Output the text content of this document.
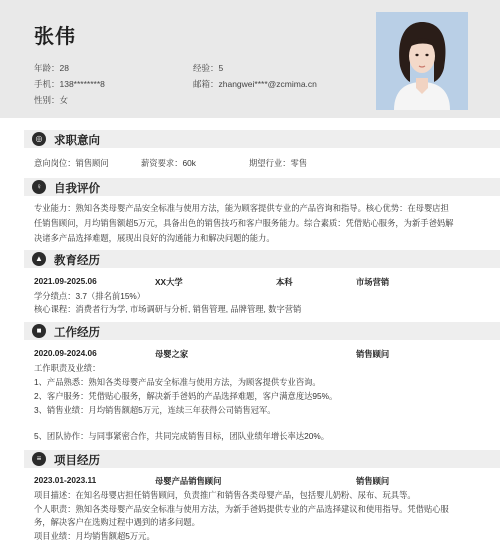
张伟
年龄：28	经验：5
手机：138********8	邮箱：zhangwei****@zcmima.cn
性别：女
◎	求职意向
意向岗位：销售顾问	薪资要求：60k	期望行业：零售
♀	自我评价
专业能力：熟知各类母婴产品安全标准与使用方法，能为顾客提供专业的产品咨询和指导。核心优势：在母婴店担
任销售顾问，月均销售额超5万元，具备出色的销售技巧和客户服务能力。综合素质：凭借贴心服务，为新手爸妈解
决诸多产品选择难题，展现出良好的沟通能力和解决问题的能力。
▲ 教育经历
2021.09-2025.06	XX大学	本科	市场营销
学分绩点：3.7（排名前15%）
核心课程：消费者行为学, 市场调研与分析, 销售管理, 品牌管理, 数字营销
■	工作经历
2020.09-2024.06	母婴之家	销售顾问
工作职责及业绩：
1、产品熟悉：熟知各类母婴产品安全标准与使用方法，为顾客提供专业咨询。
2、客户服务：凭借贴心服务，解决新手爸妈的产品选择难题，客户满意度达95%。
3、销售业绩：月均销售额超5万元，连续三年获得公司销售冠军。
5、团队协作：与同事紧密合作，共同完成销售目标，团队业绩年增长率达20%。
≡	项目经历
2023.01-2023.11	母婴产品销售顾问	销售顾问
项目描述：在知名母婴店担任销售顾问，负责推广和销售各类母婴产品，包括婴儿奶粉、尿布、玩具等。
个人职责：熟知各类母婴产品安全标准与使用方法，为新手爸妈提供专业的产品选择建议和使用指导。凭借贴心服
务，解决客户在选购过程中遇到的诸多问题。
项目业绩：月均销售额超5万元。
